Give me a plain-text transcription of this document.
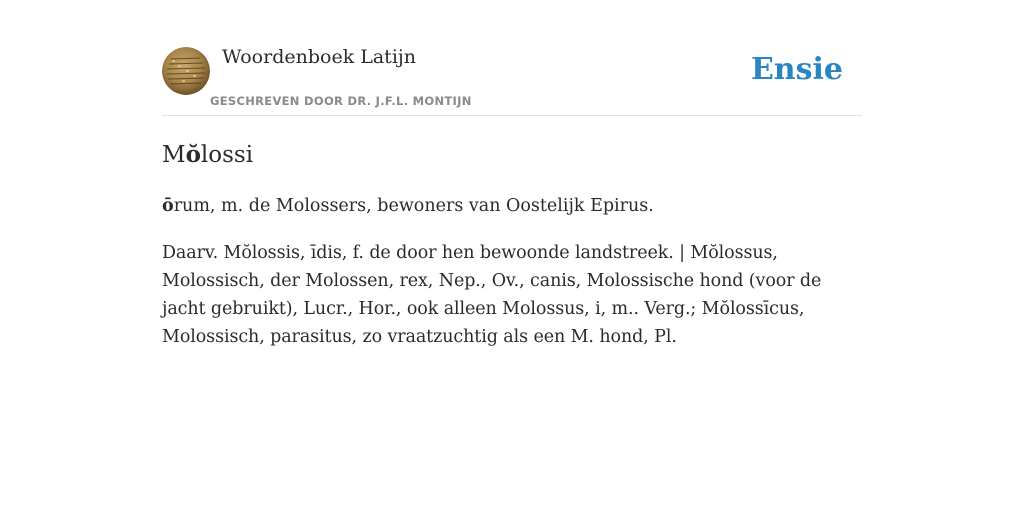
Woordenboek Latijn
GESCHREVEN DOOR DR. J.F.L. MONTIJN
Ensie
Mŏlossi

ōrum, m. de Molossers, bewoners van Oostelijk Epirus.

Daarv. Mŏlossis, īdis, f. de door hen bewoonde landstreek. | Mŏlossus, Molossisch, der Molossen, rex, Nep., Ov., canis, Molossische hond (voor de jacht gebruikt), Lucr., Hor., ook alleen Molossus, i, m.. Verg.; Mŏlossīcus, Molossisch, parasitus, zo vraatzuchtig als een M. hond, Pl.
